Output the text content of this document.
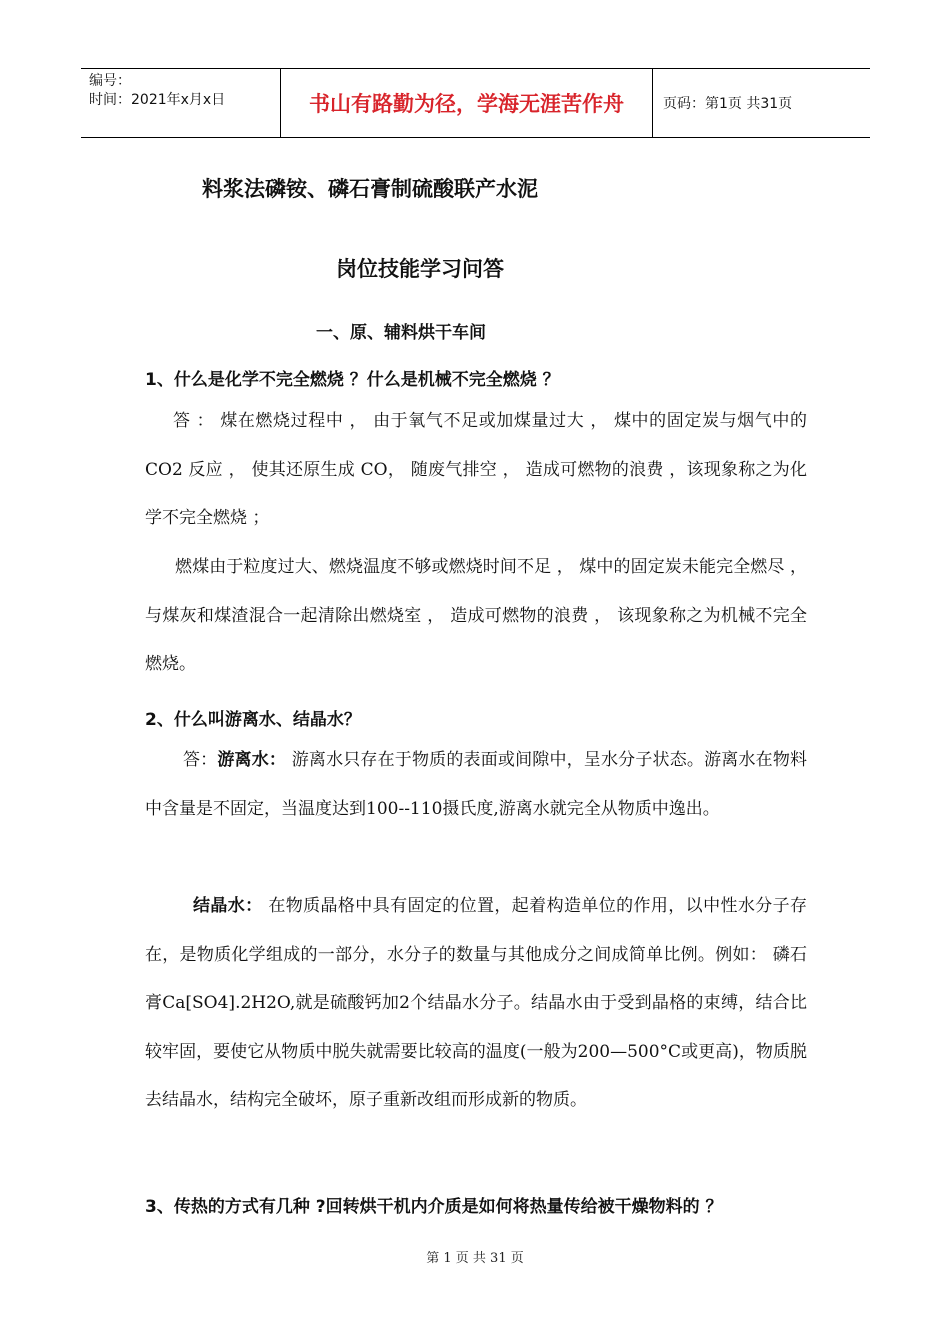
编号：
时间：2021年x月x日	书山有路勤为径，学海无涯苦作舟	页码：第1页 共31页
料浆法磷铵、磷石膏制硫酸联产水泥
岗位技能学习问答
一、原、辅料烘干车间
1、什么是化学不完全燃烧 ？什么是机械不完全燃烧 ？
答 ： 煤在燃烧过程中 ， 由于氧气不足或加煤量过大 ， 煤中的固定炭与烟气中的 CO2 反应 ， 使其还原生成 CO， 随废气排空 ， 造成可燃物的浪费 ，该现象称之为化学不完全燃烧 ；
燃煤由于粒度过大、燃烧温度不够或燃烧时间不足 ， 煤中的固定炭未能完全燃尽 ， 与煤灰和煤渣混合一起清除出燃烧室 ， 造成可燃物的浪费 ， 该现象称之为机械不完全燃烧。
2、什么叫游离水、结晶水？
答：游离水： 游离水只存在于物质的表面或间隙中，呈水分子状态。游离水在物料中含量是不固定，当温度达到100--110摄氏度,游离水就完全从物质中逸出。
结晶水： 在物质晶格中具有固定的位置，起着构造单位的作用，以中性水分子存在，是物质化学组成的一部分，水分子的数量与其他成分之间成简单比例。例如： 磷石膏Ca[SO4].2H2O,就是硫酸钙加2个结晶水分子。结晶水由于受到晶格的束缚，结合比较牢固，要使它从物质中脱失就需要比较高的温度(一般为200—500°C或更高)，物质脱去结晶水，结构完全破坏，原子重新改组而形成新的物质。
3、传热的方式有几种 ?回转烘干机内介质是如何将热量传给被干燥物料的 ？
第 1 页 共 31 页
